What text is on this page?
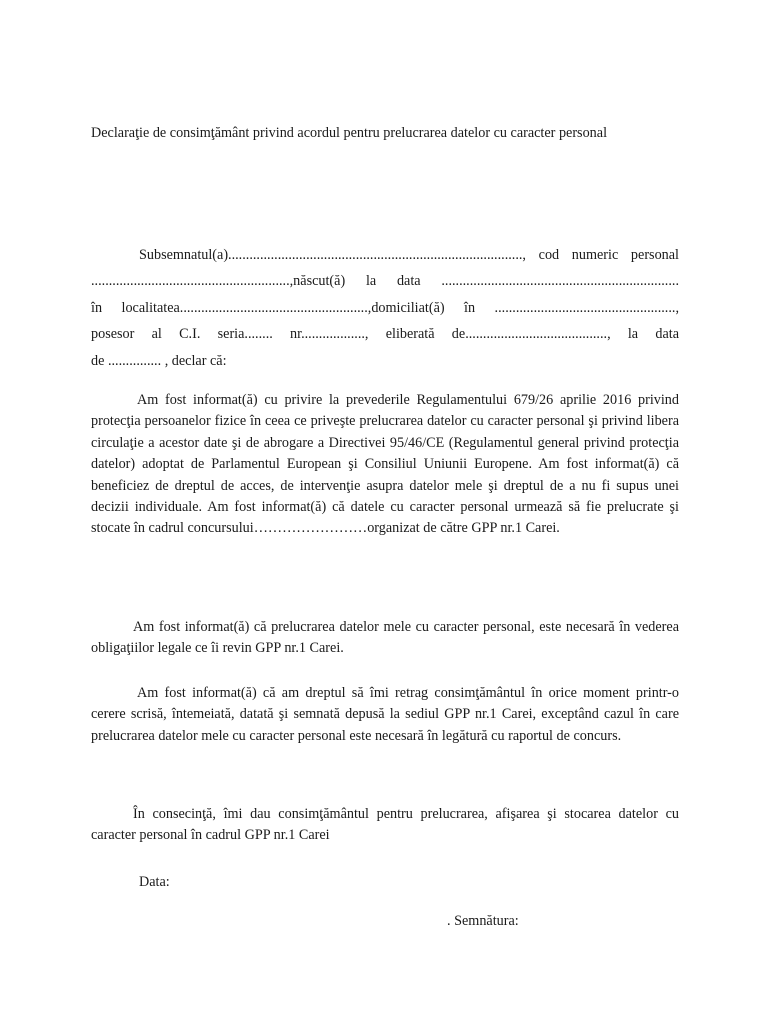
Declaraţie de consimţământ privind acordul pentru prelucrarea datelor cu caracter personal
Subsemnatul(a)..................................................................................., cod numeric personal
........................................................,născut(ă) la data ...................................................................
în localitatea.....................................................,domiciliat(ă) în ...................................................,
posesor al C.I. seria........ nr.................., eliberată de........................................, la data
de ............... , declar că:

Am fost informat(ă) cu privire la prevederile Regulamentului 679/26 aprilie 2016 privind protecţia persoanelor fizice în ceea ce priveşte prelucrarea datelor cu caracter personal şi privind libera circulaţie a acestor date şi de abrogare a Directivei 95/46/CE (Regulamentul general privind protecţia datelor) adoptat de Parlamentul European şi Consiliul Uniunii Europene. Am fost informat(ă) că beneficiez de dreptul de acces, de intervenţie asupra datelor mele şi dreptul de a nu fi supus unei decizii individuale. Am fost informat(ă) că datele cu caracter personal urmează să fie prelucrate şi stocate în cadrul concursului……………………organizat de către GPP nr.1 Carei.

Am fost informat(ă) că prelucrarea datelor mele cu caracter personal, este necesară în vederea obligaţiilor legale ce îi revin GPP nr.1 Carei.

Am fost informat(ă) că am dreptul să îmi retrag consimţământul în orice moment printr-o cerere scrisă, întemeiată, datată şi semnată depusă la sediul GPP nr.1 Carei, exceptând cazul în care prelucrarea datelor mele cu caracter personal este necesară în legătură cu raportul de concurs.

În consecinţă, îmi dau consimţământul pentru prelucrarea, afişarea şi stocarea datelor cu caracter personal în cadrul GPP nr.1 Carei

Data:
. Semnătura:
